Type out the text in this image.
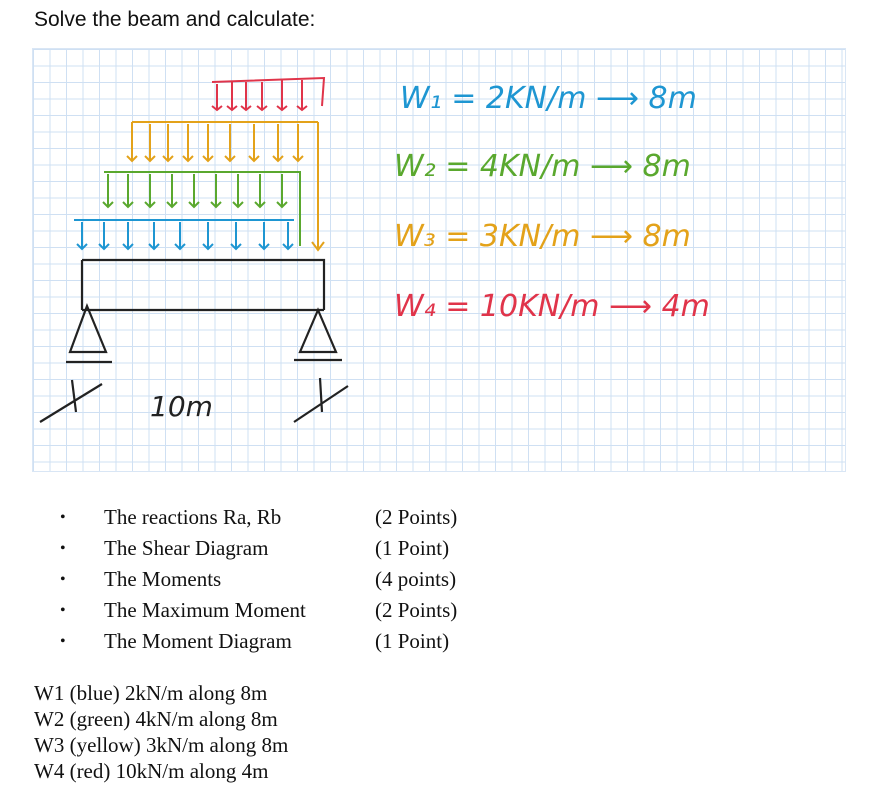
Solve the beam and calculate:
10m
W₁ = 2KN/m ⟶ 8m
W₂ = 4KN/m ⟶ 8m
W₃ = 3KN/m ⟶ 8m
W₄ = 10KN/m ⟶ 4m
•	The reactions Ra, Rb	(2 Points)
•	The Shear Diagram	(1 Point)
•	The Moments	(4 points)
•	The Maximum Moment	(2 Points)
•	The Moment Diagram	(1 Point)
W1 (blue) 2kN/m along 8m
W2 (green) 4kN/m along 8m
W3 (yellow) 3kN/m along 8m
W4 (red) 10kN/m along 4m
